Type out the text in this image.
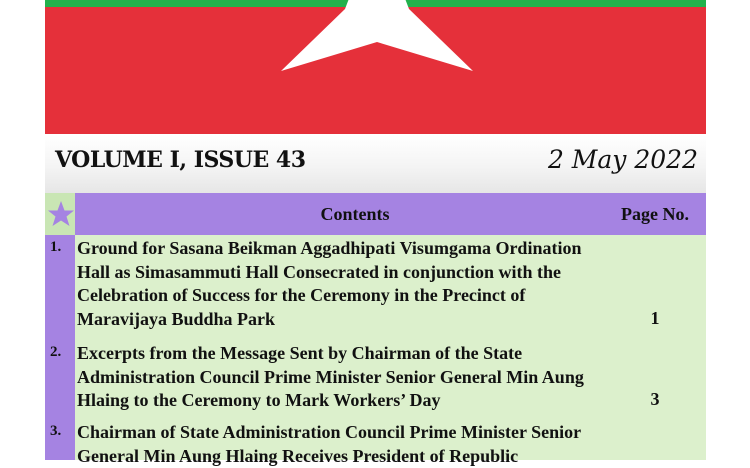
VOLUME I, ISSUE 43	2 May 2022
Contents	Page No.
1. Ground for Sasana Beikman Aggadhipati Visumgama Ordination Hall as Simasammuti Hall Consecrated in conjunction with the Celebration of Success for the Ceremony in the Precinct of Maravijaya Buddha Park	1
2. Excerpts from the Message Sent by Chairman of the State Administration Council Prime Minister Senior General Min Aung Hlaing to the Ceremony to Mark Workers’ Day	3
3. Chairman of State Administration Council Prime Minister Senior General Min Aung Hlaing Receives President of Republic
